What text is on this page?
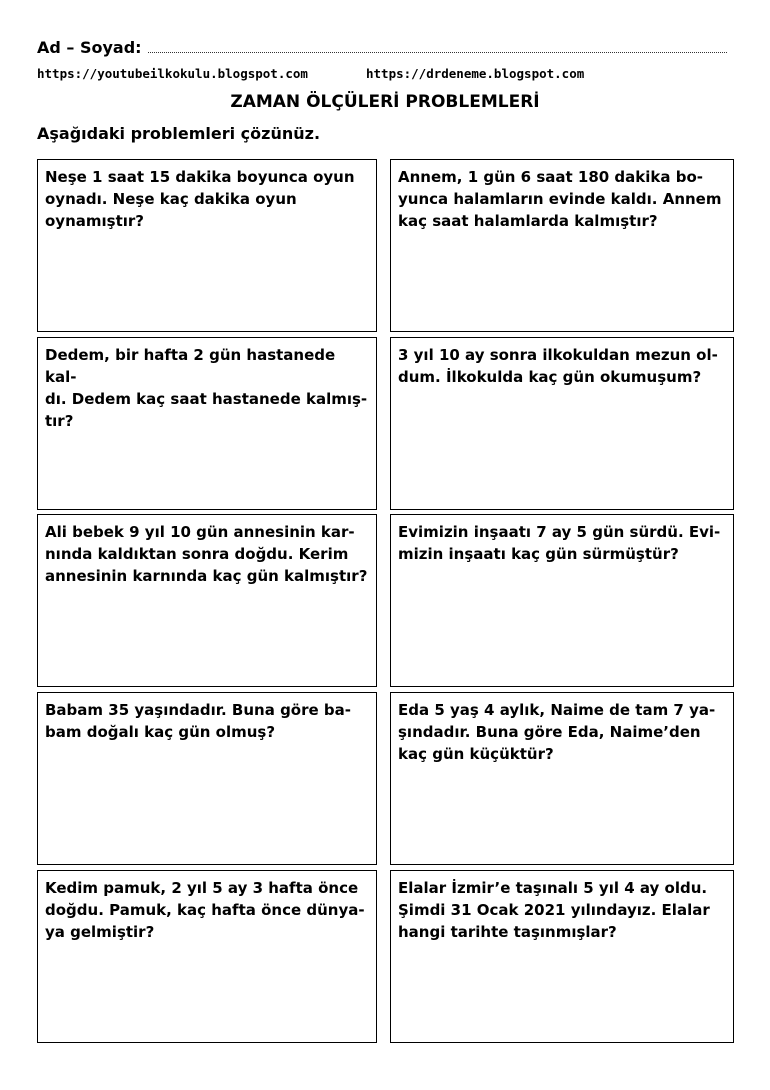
Ad – Soyad:
https://youtubeilkokulu.blogspot.com	https://drdeneme.blogspot.com
ZAMAN ÖLÇÜLERİ PROBLEMLERİ
Aşağıdaki problemleri çözünüz.

Neşe 1 saat 15 dakika boyunca oyun
oynadı. Neşe kaç dakika oyun
oynamıştır?

Annem, 1 gün 6 saat 180 dakika bo-
yunca halamların evinde kaldı. Annem
kaç saat halamlarda kalmıştır?

Dedem, bir hafta 2 gün hastanede kal-
dı. Dedem kaç saat hastanede kalmış-
tır?

3 yıl 10 ay sonra ilkokuldan mezun ol-
dum. İlkokulda kaç gün okumuşum?

Ali bebek 9 yıl 10 gün annesinin kar-
nında kaldıktan sonra doğdu. Kerim
annesinin karnında kaç gün kalmıştır?

Evimizin inşaatı 7 ay 5 gün sürdü. Evi-
mizin inşaatı kaç gün sürmüştür?

Babam 35 yaşındadır. Buna göre ba-
bam doğalı kaç gün olmuş?

Eda 5 yaş 4 aylık, Naime de tam 7 ya-
şındadır. Buna göre Eda, Naime’den
kaç gün küçüktür?

Kedim pamuk, 2 yıl 5 ay 3 hafta önce
doğdu. Pamuk, kaç hafta önce dünya-
ya gelmiştir?

Elalar İzmir’e taşınalı 5 yıl 4 ay oldu.
Şimdi 31 Ocak 2021 yılındayız. Elalar
hangi tarihte taşınmışlar?
